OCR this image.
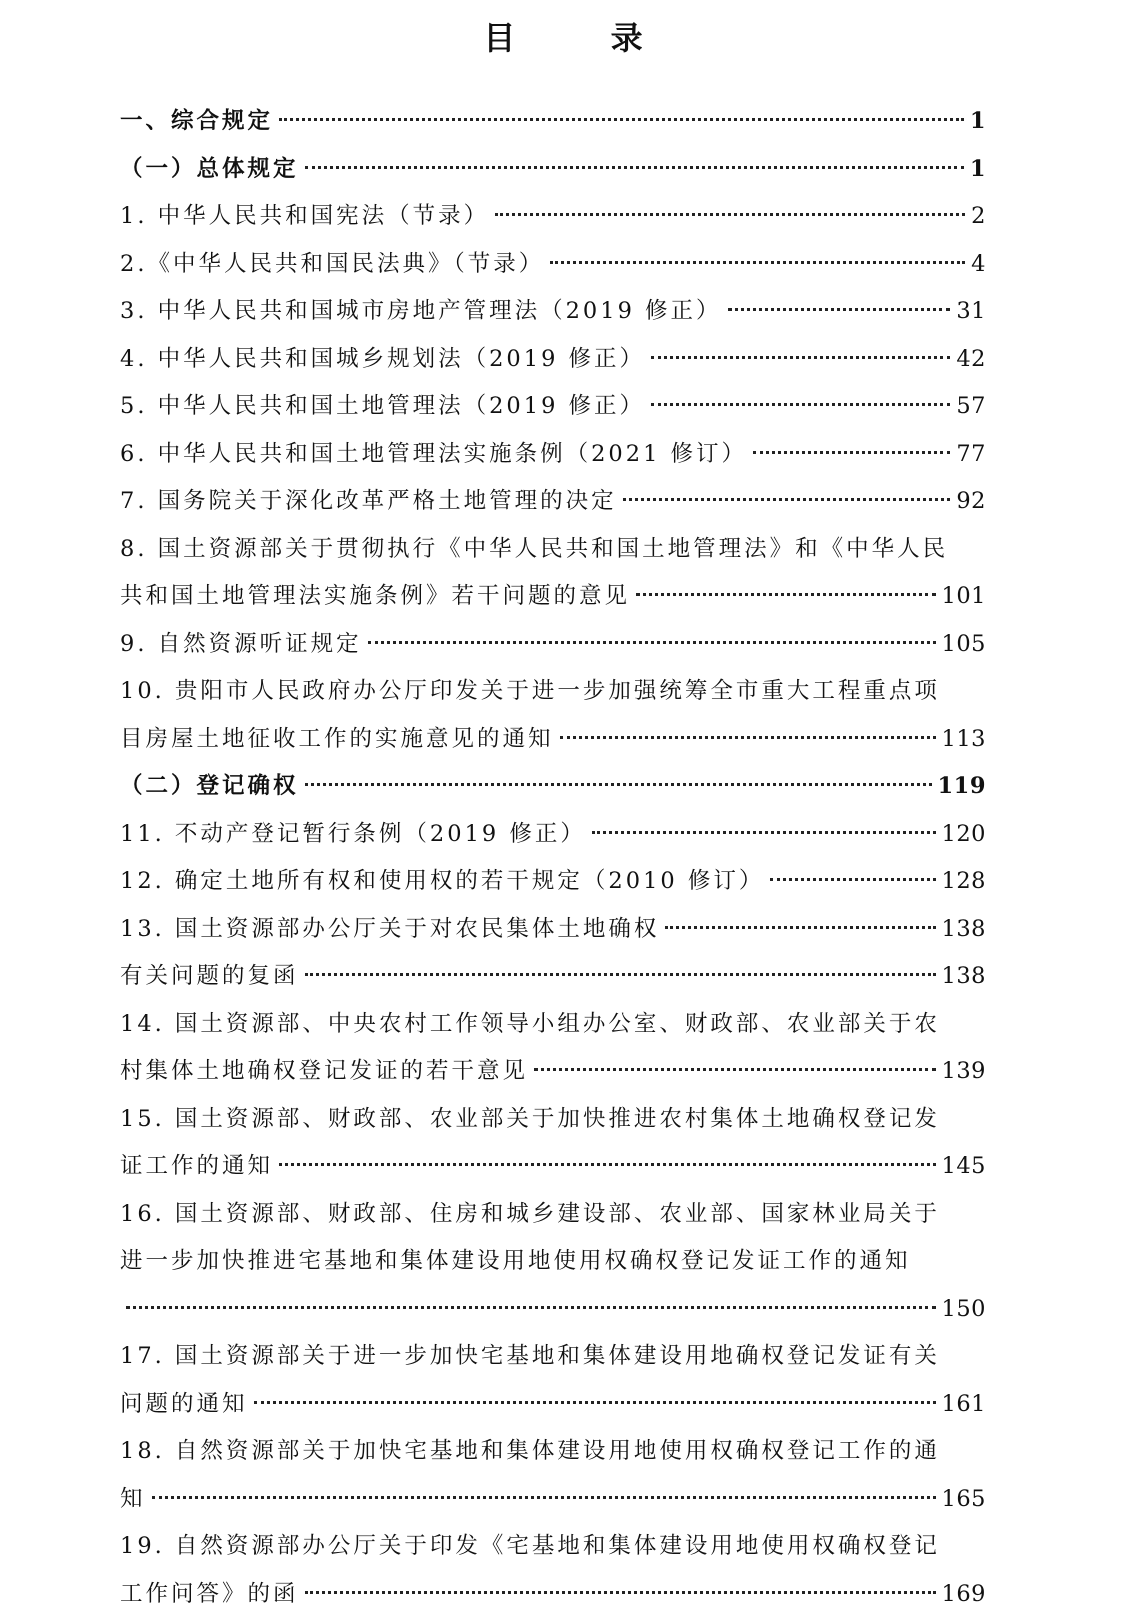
目 录
一、综合规定	1
（一）总体规定	1
1. 中华人民共和国宪法（节录）	2
2.《中华人民共和国民法典》（节录）	4
3. 中华人民共和国城市房地产管理法（2019 修正）	31
4. 中华人民共和国城乡规划法（2019 修正）	42
5. 中华人民共和国土地管理法（2019 修正）	57
6. 中华人民共和国土地管理法实施条例（2021 修订）	77
7. 国务院关于深化改革严格土地管理的决定	92
8. 国土资源部关于贯彻执行《中华人民共和国土地管理法》和《中华人民
共和国土地管理法实施条例》若干问题的意见	101
9. 自然资源听证规定	105
10. 贵阳市人民政府办公厅印发关于进一步加强统筹全市重大工程重点项
目房屋土地征收工作的实施意见的通知	113
（二）登记确权	119
11. 不动产登记暂行条例（2019 修正）	120
12. 确定土地所有权和使用权的若干规定（2010 修订）	128
13. 国土资源部办公厅关于对农民集体土地确权	138
有关问题的复函	138
14. 国土资源部、中央农村工作领导小组办公室、财政部、农业部关于农
村集体土地确权登记发证的若干意见	139
15. 国土资源部、财政部、农业部关于加快推进农村集体土地确权登记发
证工作的通知	145
16. 国土资源部、财政部、住房和城乡建设部、农业部、国家林业局关于
进一步加快推进宅基地和集体建设用地使用权确权登记发证工作的通知
150
17. 国土资源部关于进一步加快宅基地和集体建设用地确权登记发证有关
问题的通知	161
18. 自然资源部关于加快宅基地和集体建设用地使用权确权登记工作的通
知	165
19. 自然资源部办公厅关于印发《宅基地和集体建设用地使用权确权登记
工作问答》的函	169
